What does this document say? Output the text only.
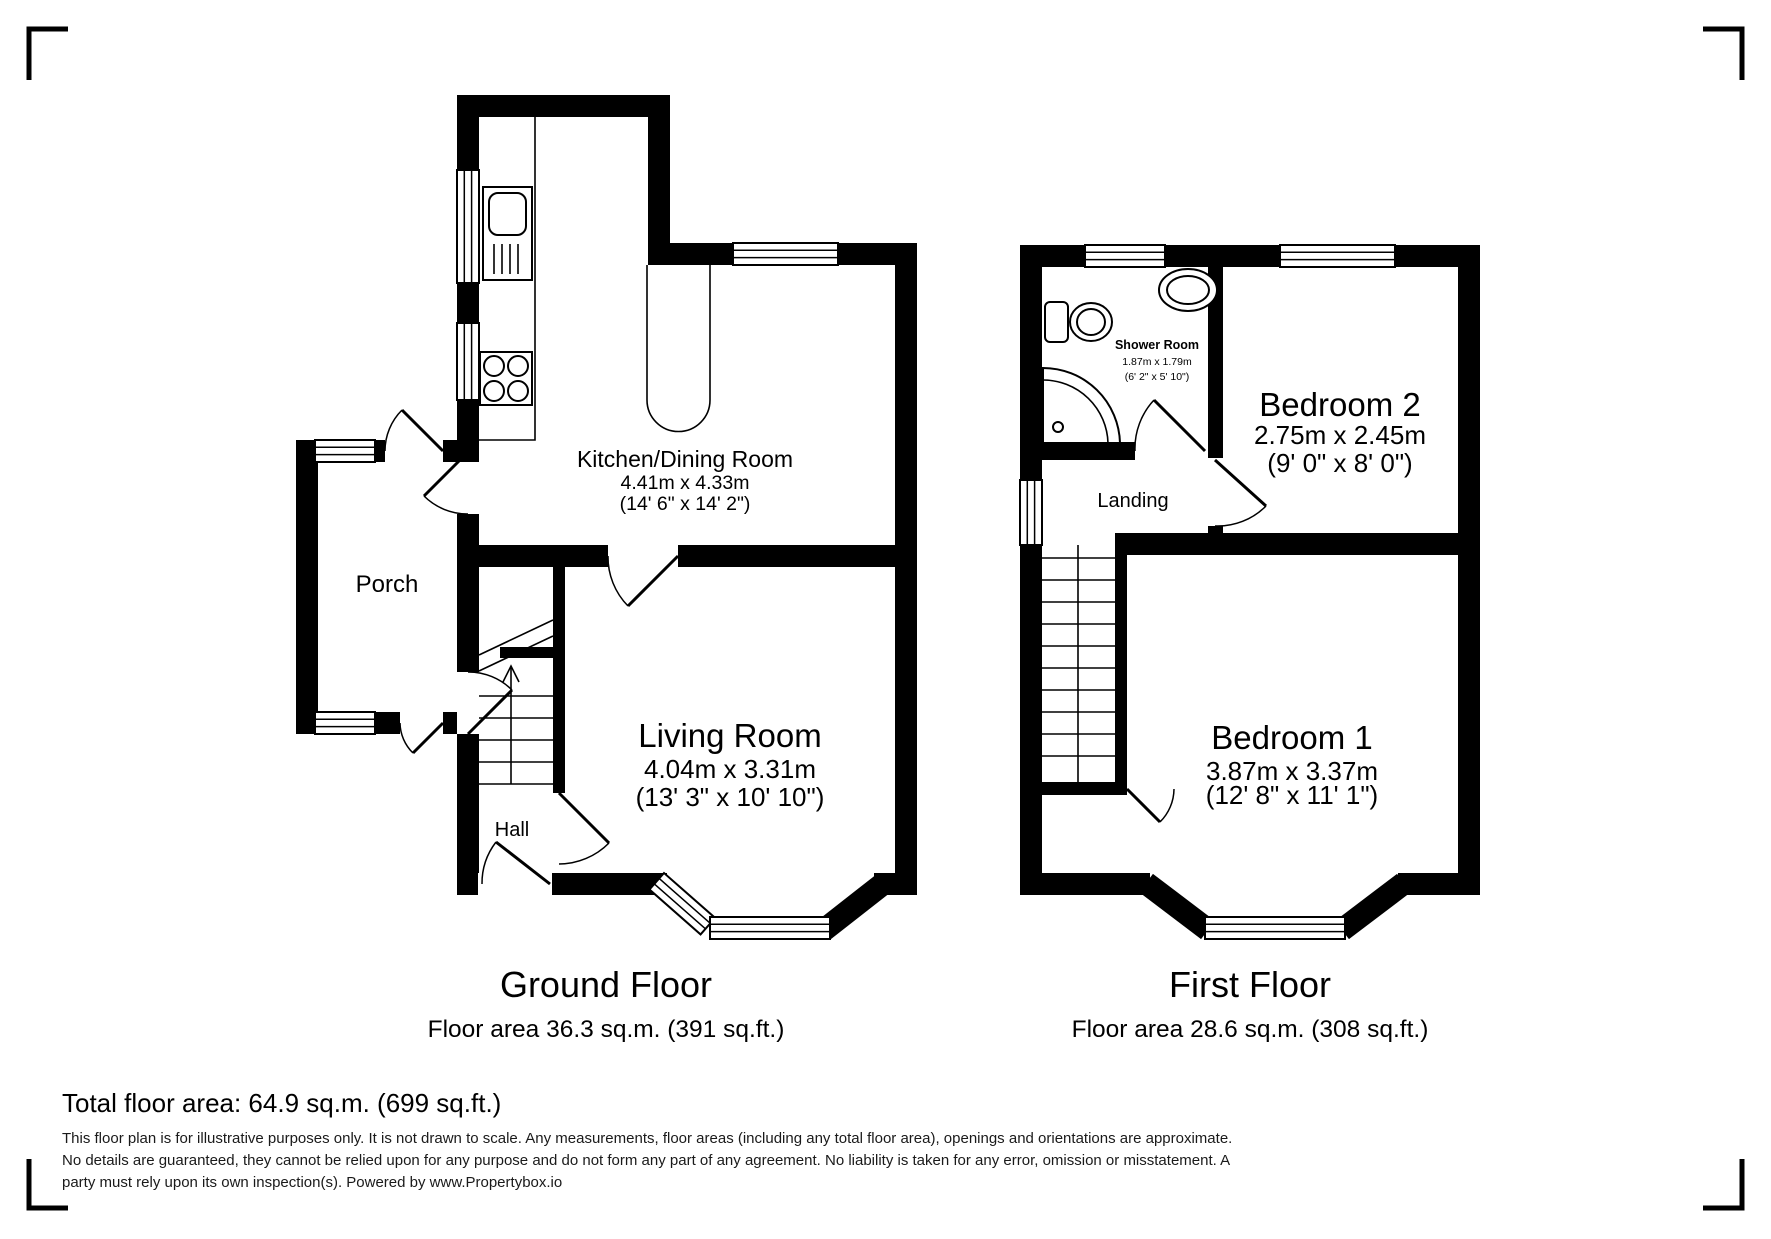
Kitchen/Dining Room
4.41m x 4.33m
(14' 6" x 14' 2")
Living Room
4.04m x 3.31m
(13' 3" x 10' 10")
Porch
Hall
Shower Room
1.87m x 1.79m
(6' 2" x 5' 10")
Bedroom 2
2.75m x 2.45m
(9' 0" x 8' 0")
Landing
Bedroom 1
3.87m x 3.37m
(12' 8" x 11' 1")
Ground Floor
Floor area 36.3 sq.m. (391 sq.ft.)
First Floor
Floor area 28.6 sq.m. (308 sq.ft.)
Total floor area: 64.9 sq.m. (699 sq.ft.)
This floor plan is for illustrative purposes only. It is not drawn to scale. Any measurements, floor areas (including any total floor area), openings and orientations are approximate. No details are guaranteed, they cannot be relied upon for any purpose and do not form any part of any agreement. No liability is taken for any error, omission or misstatement. A party must rely upon its own inspection(s). Powered by www.Propertybox.io
